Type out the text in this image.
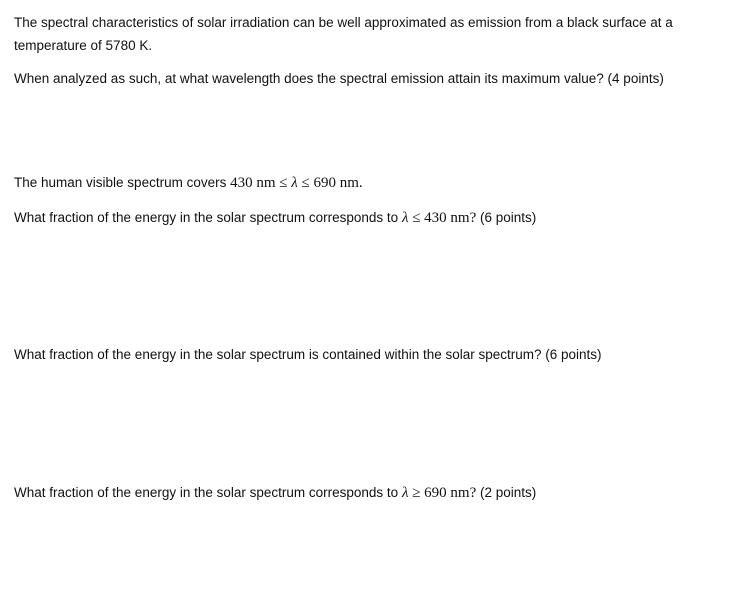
The spectral characteristics of solar irradiation can be well approximated as emission from a black surface at a
temperature of 5780 K.
When analyzed as such, at what wavelength does the spectral emission attain its maximum value? (4 points)
The human visible spectrum covers 430 nm ≤ λ ≤ 690 nm.
What fraction of the energy in the solar spectrum corresponds to λ ≤ 430 nm? (6 points)
What fraction of the energy in the solar spectrum is contained within the solar spectrum? (6 points)
What fraction of the energy in the solar spectrum corresponds to λ ≥ 690 nm? (2 points)
